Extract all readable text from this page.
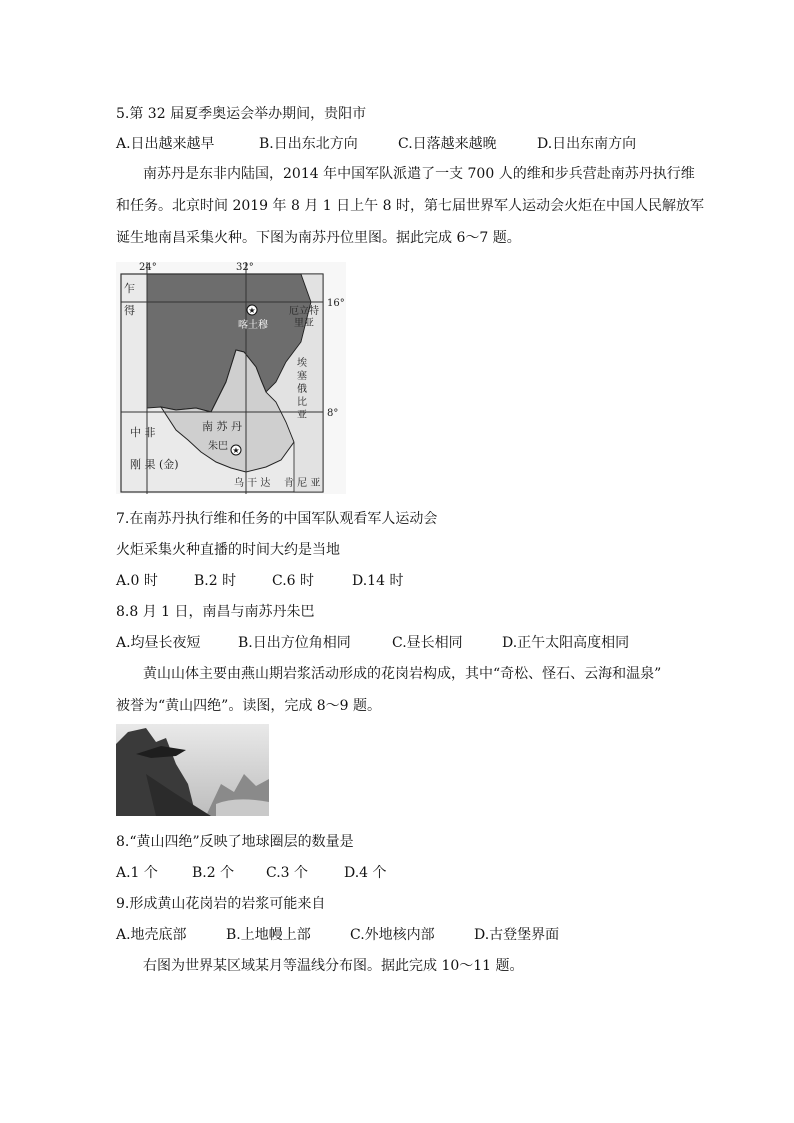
5.第 32 届夏季奥运会举办期间，贵阳市
A.日出越来越早	B.日出东北方向	C.日落越来越晚	D.日出东南方向
南苏丹是东非内陆国，2014 年中国军队派遣了一支 700 人的维和步兵营赴南苏丹执行维
和任务。北京时间 2019 年 8 月 1 日上午 8 时，第七届世界军人运动会火炬在中国人民解放军
诞生地南昌采集火种。下图为南苏丹位里图。据此完成 6～7 题。
★
★
24°	32°
16°
8°
乍
得	厄立特
里亚
喀土穆
埃
塞
俄
比
亚
中 非	南 苏 丹
朱巴
刚 果 (金)
乌 干 达 肯 尼 亚
7.在南苏丹执行维和任务的中国军队观看军人运动会
火炬采集火种直播的时间大约是当地
A.0 时	B.2 时	C.6 时	D.14 时
8.8 月 1 日，南昌与南苏丹朱巴
A.均昼长夜短	B.日出方位角相同	C.昼长相同	D.正午太阳高度相同
黄山山体主要由燕山期岩浆活动形成的花岗岩构成，其中“奇松、怪石、云海和温泉”
被誉为“黄山四绝”。读图，完成 8～9 题。
8.“黄山四绝”反映了地球圈层的数量是
A.1 个 B.2 个 C.3 个	D.4 个
9.形成黄山花岗岩的岩浆可能来自
A.地壳底部	B.上地幔上部	C.外地核内部	D.古登堡界面
右图为世界某区域某月等温线分布图。据此完成 10～11 题。
